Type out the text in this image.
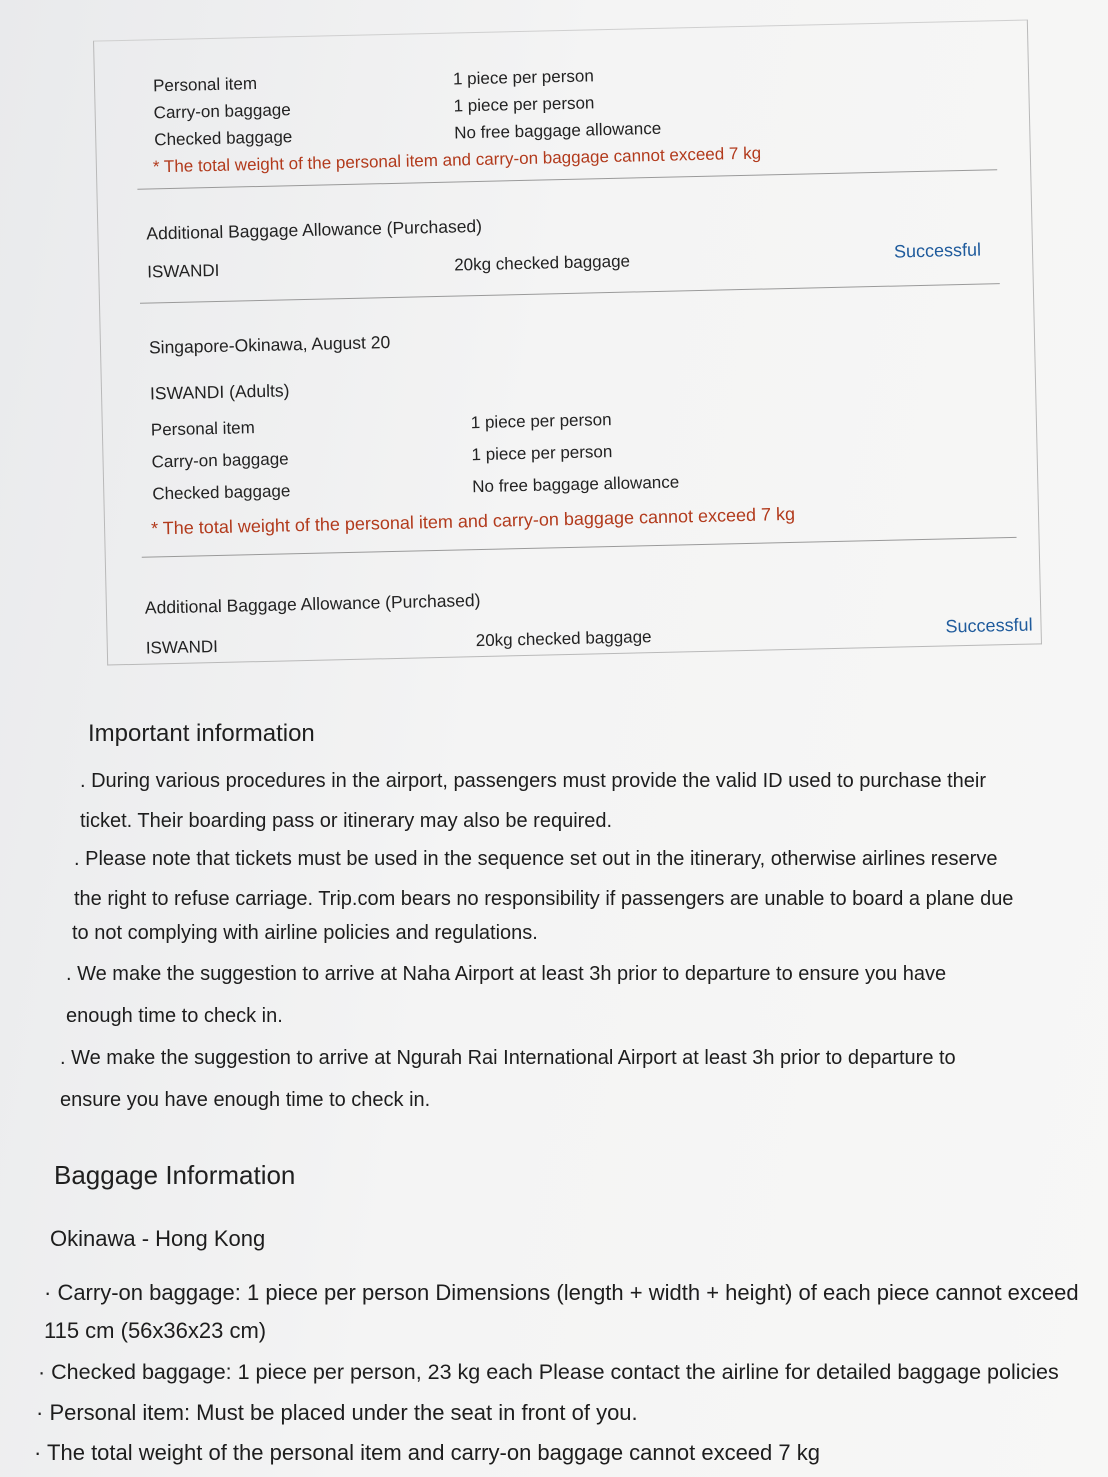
Personal item	1 piece per person
Carry-on baggage	1 piece per person
Checked baggage	No free baggage allowance
* The total weight of the personal item and carry-on baggage cannot exceed 7 kg
Additional Baggage Allowance (Purchased)
ISWANDI	20kg checked baggage
Successful
Singapore-Okinawa, August 20
ISWANDI (Adults)
Personal item	1 piece per person
Carry-on baggage	1 piece per person
Checked baggage	No free baggage allowance
* The total weight of the personal item and carry-on baggage cannot exceed 7 kg
Additional Baggage Allowance (Purchased)
ISWANDI	20kg checked baggage
Successful
Important information
. During various procedures in the airport, passengers must provide the valid ID used to purchase their
ticket. Their boarding pass or itinerary may also be required.
. Please note that tickets must be used in the sequence set out in the itinerary, otherwise airlines reserve
the right to refuse carriage. Trip.com bears no responsibility if passengers are unable to board a plane due
to not complying with airline policies and regulations.
. We make the suggestion to arrive at Naha Airport at least 3h prior to departure to ensure you have
enough time to check in.
. We make the suggestion to arrive at Ngurah Rai International Airport at least 3h prior to departure to
ensure you have enough time to check in.
Baggage Information
Okinawa - Hong Kong
· Carry-on baggage: 1 piece per person Dimensions (length + width + height) of each piece cannot exceed
115 cm (56x36x23 cm)
· Checked baggage: 1 piece per person, 23 kg each Please contact the airline for detailed baggage policies
· Personal item: Must be placed under the seat in front of you.
· The total weight of the personal item and carry-on baggage cannot exceed 7 kg
